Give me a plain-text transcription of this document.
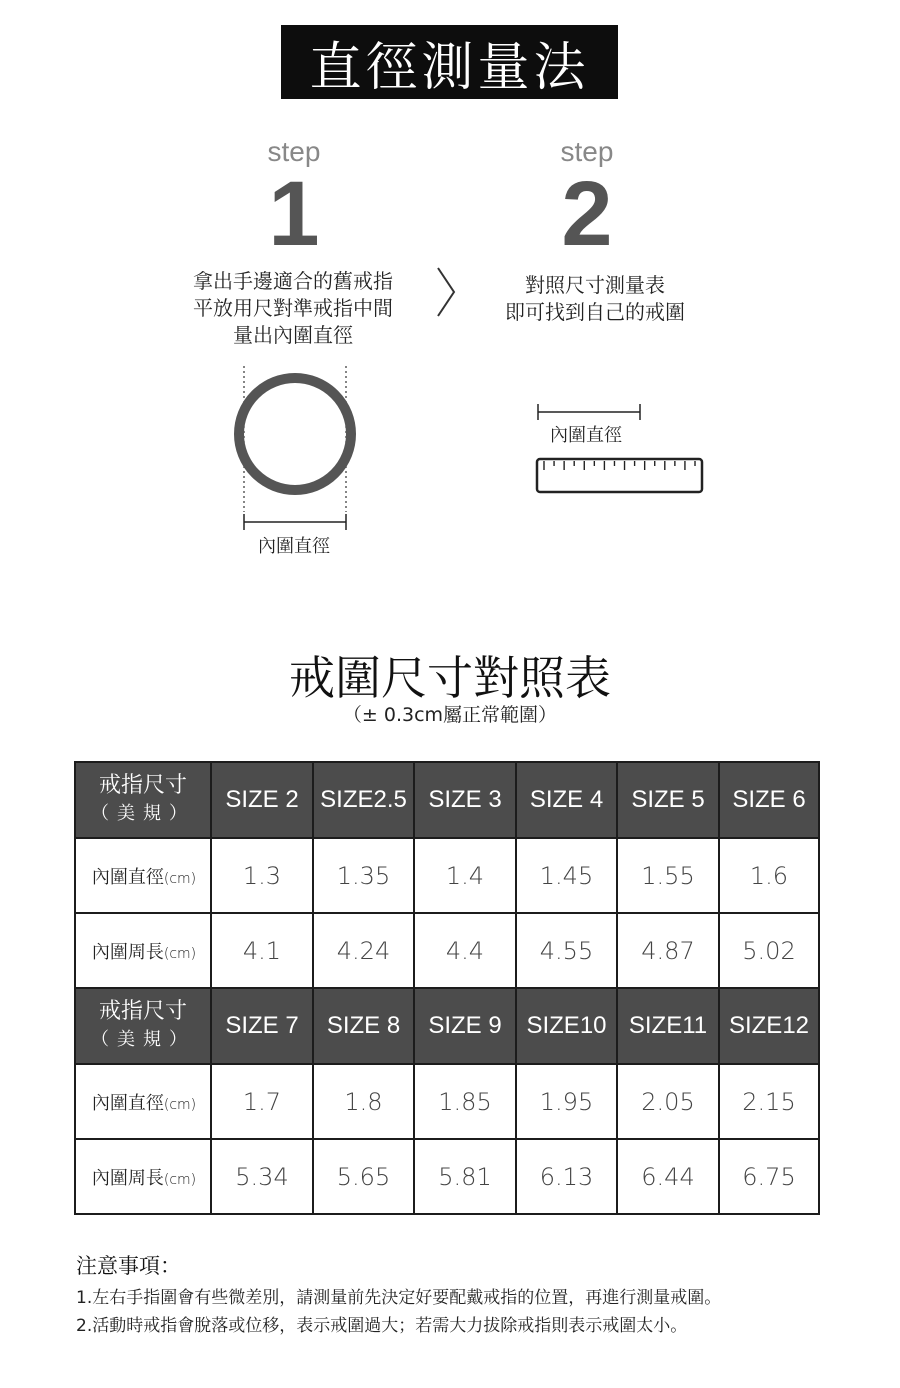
直徑測量法
step
1
拿出手邊適合的舊戒指
平放用尺對準戒指中間
量出內圍直徑
step
2
對照尺寸測量表
即可找到自己的戒圍
內圍直徑
內圍直徑
戒圍尺寸對照表
（± 0.3cm屬正常範圍）
戒指尺寸
（美規）	SIZE 2	SIZE2.5	SIZE 3	SIZE 4	SIZE 5	SIZE 6
內圍直徑(cm)	1.3	1.35	1.4	1.45	1.55	1.6
內圍周長(cm)	4.1	4.24	4.4	4.55	4.87	5.02

戒指尺寸
（美規）	SIZE 7	SIZE 8	SIZE 9	SIZE10	SIZE11	SIZE12
內圍直徑(cm)	1.7	1.8	1.85	1.95	2.05	2.15
內圍周長(cm)	5.34	5.65	5.81	6.13	6.44	6.75
注意事項：
1.左右手指圍會有些微差別，請測量前先決定好要配戴戒指的位置，再進行測量戒圍。
2.活動時戒指會脫落或位移，表示戒圍過大；若需大力拔除戒指則表示戒圍太小。
